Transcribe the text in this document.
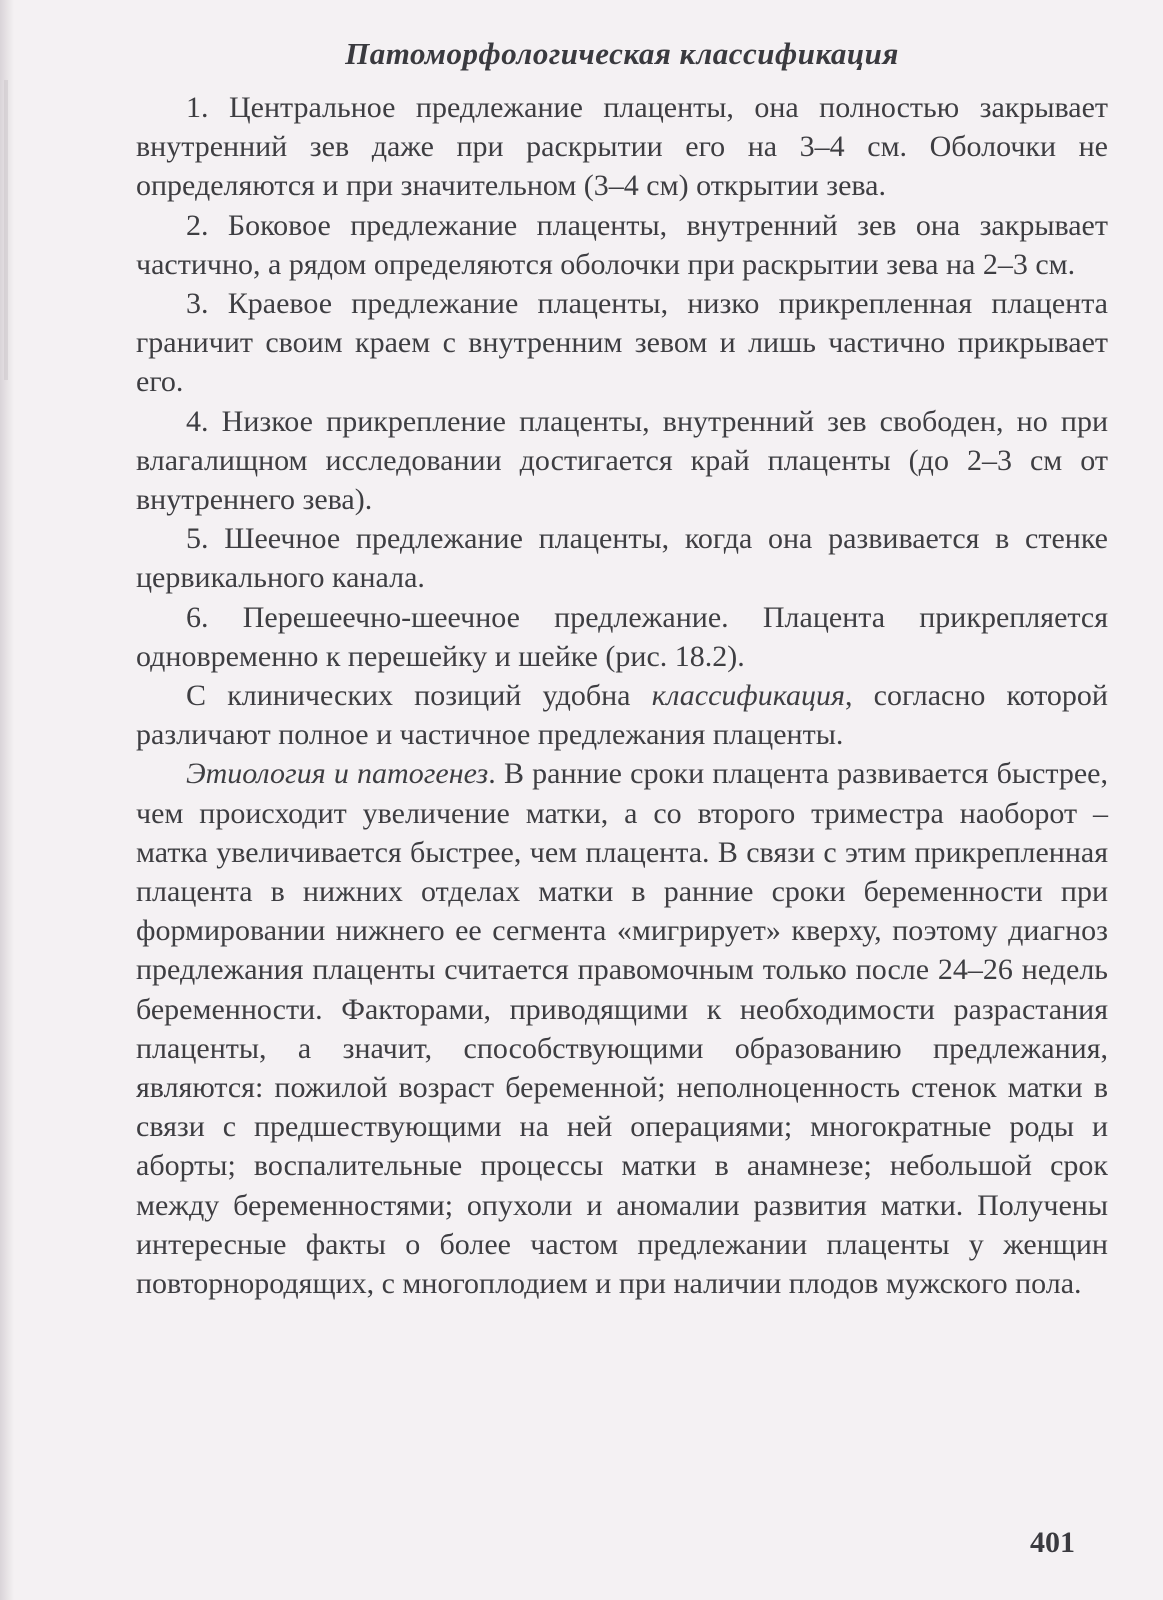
Патоморфологическая классификация

1. Центральное предлежание плаценты, она полностью закрывает внутренний зев даже при раскрытии его на 3–4 см. Оболочки не определяются и при значительном (3–4 см) открытии зева.

2. Боковое предлежание плаценты, внутренний зев она закрывает частично, а рядом определяются оболочки при раскрытии зева на 2–3 см.

3. Краевое предлежание плаценты, низко прикрепленная плацента граничит своим краем с внутренним зевом и лишь частично прикрывает его.

4. Низкое прикрепление плаценты, внутренний зев свободен, но при влагалищном исследовании достигается край плаценты (до 2–3 см от внутреннего зева).

5. Шеечное предлежание плаценты, когда она развивается в стенке цервикального канала.

6. Перешеечно-шеечное предлежание. Плацента прикрепляется одновременно к перешейку и шейке (рис. 18.2).

С клинических позиций удобна классификация, согласно которой различают полное и частичное предлежания плаценты.

Этиология и патогенез. В ранние сроки плацента развивается быстрее, чем происходит увеличение матки, а со второго триместра наоборот – матка увеличивается быстрее, чем плацента. В связи с этим прикрепленная плацента в нижних отделах матки в ранние сроки беременности при формировании нижнего ее сегмента «мигрирует» кверху, поэтому диагноз предлежания плаценты считается правомочным только после 24–26 недель беременности. Факторами, приводящими к необходимости разрастания плаценты, а значит, способствующими образованию предлежания, являются: пожилой возраст беременной; неполноценность стенок матки в связи с предшествующими на ней операциями; многократные роды и аборты; воспалительные процессы матки в анамнезе; небольшой срок между беременностями; опухоли и аномалии развития матки. Получены интересные факты о более частом предлежании плаценты у женщин повторнородящих, с многоплодием и при наличии плодов мужского пола.

401
